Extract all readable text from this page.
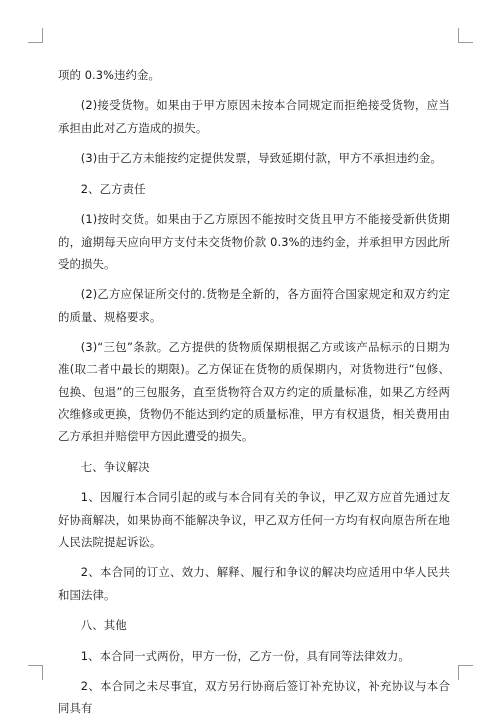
项的 0.3%违约金。

(2)接受货物。如果由于甲方原因未按本合同规定而拒绝接受货物，应当承担由此对乙方造成的损失。

(3)由于乙方未能按约定提供发票，导致延期付款，甲方不承担违约金。

2、乙方责任

(1)按时交货。如果由于乙方原因不能按时交货且甲方不能接受新供货期的，逾期每天应向甲方支付未交货物价款 0.3%的违约金，并承担甲方因此所受的损失。

(2)乙方应保证所交付的.货物是全新的，各方面符合国家规定和双方约定的质量、规格要求。

(3)“三包”条款。乙方提供的货物质保期根据乙方或该产品标示的日期为准(取二者中最长的期限)。乙方保证在货物的质保期内，对货物进行“包修、包换、包退”的三包服务，直至货物符合双方约定的质量标准，如果乙方经两次维修或更换，货物仍不能达到约定的质量标准，甲方有权退货，相关费用由乙方承担并赔偿甲方因此遭受的损失。

七、争议解决

1、因履行本合同引起的或与本合同有关的争议，甲乙双方应首先通过友好协商解决，如果协商不能解决争议，甲乙双方任何一方均有权向原告所在地人民法院提起诉讼。

2、本合同的订立、效力、解释、履行和争议的解决均应适用中华人民共和国法律。

八、其他

1、本合同一式两份，甲方一份，乙方一份，具有同等法律效力。

2、本合同之未尽事宜，双方另行协商后签订补充协议，补充协议与本合同具有
